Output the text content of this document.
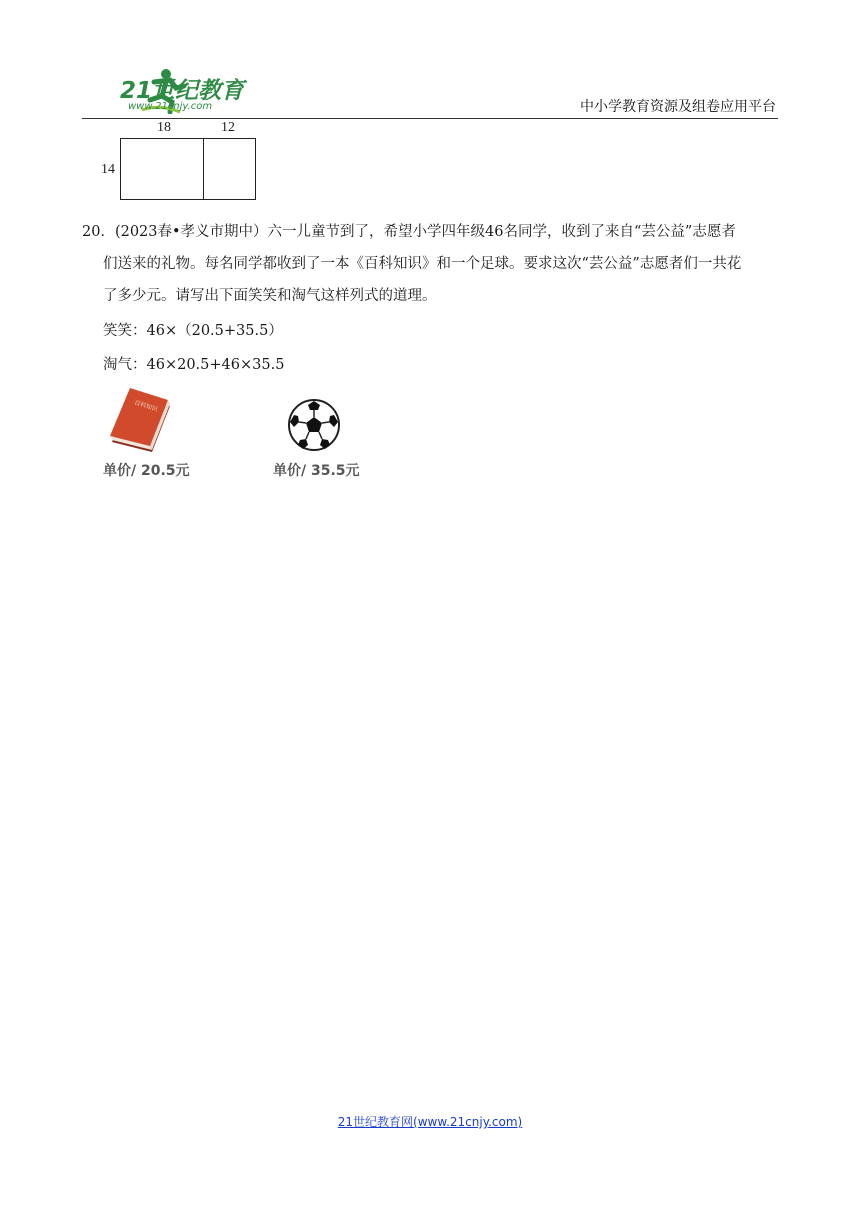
21世纪教育
www.21cnjy.com	中小学教育资源及组卷应用平台
18	12
14
20．(2023春•孝义市期中）六一儿童节到了，希望小学四年级46名同学，收到了来自“芸公益”志愿者
们送来的礼物。每名同学都收到了一本《百科知识》和一个足球。要求这次“芸公益”志愿者们一共花
了多少元。请写出下面笑笑和淘气这样列式的道理。
笑笑：46×（20.5+35.5）
淘气：46×20.5+46×35.5
百科知识
单价/ 20.5元	单价/ 35.5元
21世纪教育网(www.21cnjy.com)
